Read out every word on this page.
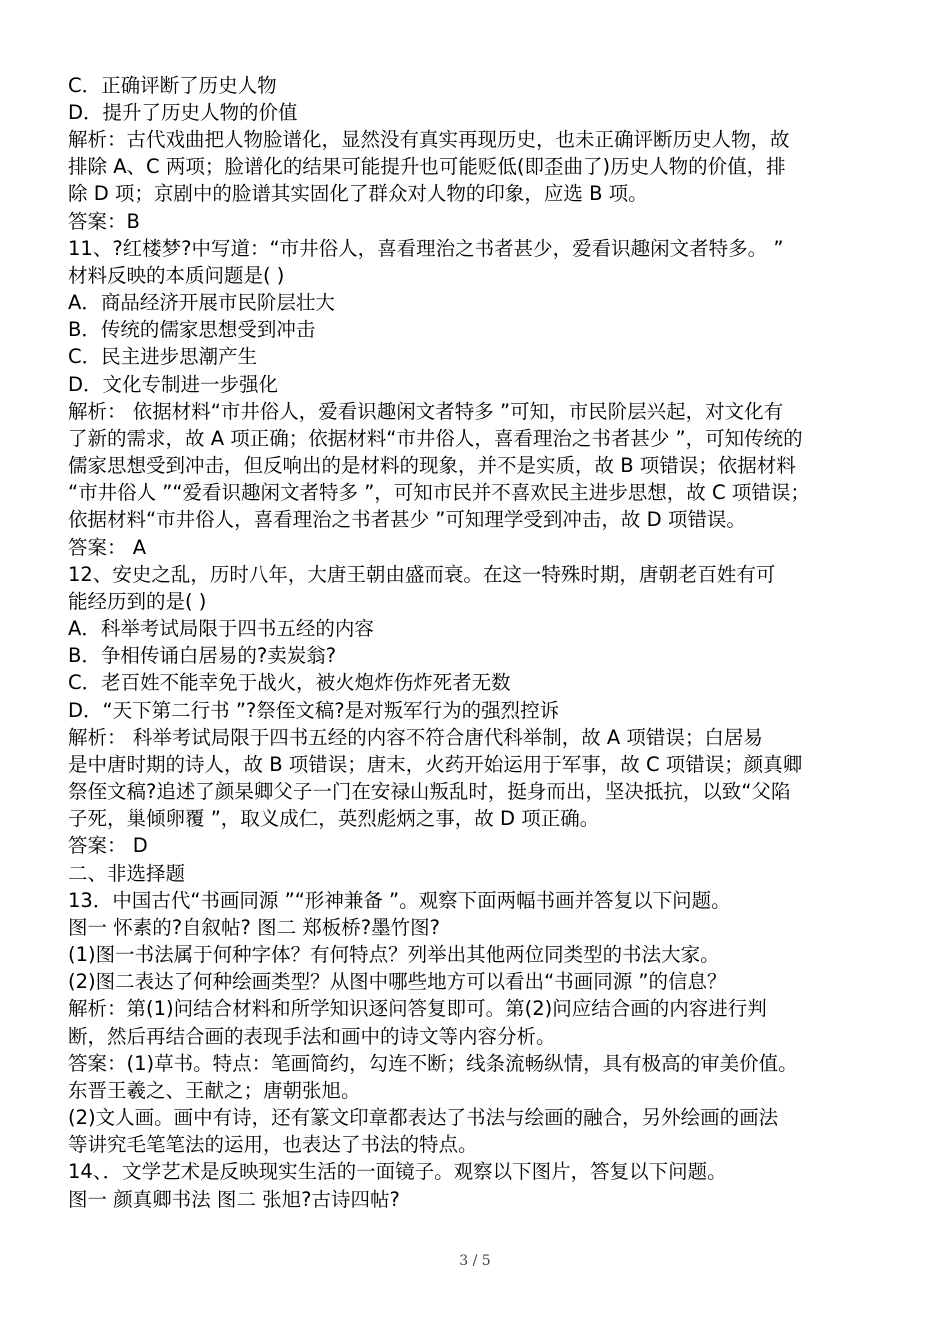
C．正确评断了历史人物
D．提升了历史人物的价值
解析：古代戏曲把人物脸谱化，显然没有真实再现历史，也未正确评断历史人物，故
排除 A、C 两项；脸谱化的结果可能提升也可能贬低(即歪曲了)历史人物的价值，排
除 D 项；京剧中的脸谱其实固化了群众对人物的印象，应选 B 项。
答案：B
11、?红楼梦?中写道：“市井俗人，喜看理治之书者甚少，爱看识趣闲文者特多。 ”
材料反映的本质问题是( )
A．商品经济开展市民阶层壮大
B．传统的儒家思想受到冲击
C．民主进步思潮产生
D．文化专制进一步强化
解析： 依据材料“市井俗人，爱看识趣闲文者特多 ”可知，市民阶层兴起，对文化有
了新的需求，故 A 项正确；依据材料“市井俗人，喜看理治之书者甚少 ”，可知传统的
儒家思想受到冲击，但反响出的是材料的现象，并不是实质，故 B 项错误；依据材料
“市井俗人 ”“爱看识趣闲文者特多 ”，可知市民并不喜欢民主进步思想，故 C 项错误；
依据材料“市井俗人，喜看理治之书者甚少 ”可知理学受到冲击，故 D 项错误。
答案： A
12、安史之乱，历时八年，大唐王朝由盛而衰。在这一特殊时期，唐朝老百姓有可
能经历到的是( )
A．科举考试局限于四书五经的内容
B．争相传诵白居易的?卖炭翁?
C．老百姓不能幸免于战火，被火炮炸伤炸死者无数
D．“天下第二行书 ”?祭侄文稿?是对叛军行为的强烈控诉
解析： 科举考试局限于四书五经的内容不符合唐代科举制，故 A 项错误；白居易
是中唐时期的诗人，故 B 项错误；唐末，火药开始运用于军事，故 C 项错误；颜真卿
祭侄文稿?追述了颜杲卿父子一门在安禄山叛乱时，挺身而出，坚决抵抗，以致“父陷
子死，巢倾卵覆 ”，取义成仁，英烈彪炳之事，故 D 项正确。
答案： D
二、非选择题
13．中国古代“书画同源 ”“形神兼备 ”。观察下面两幅书画并答复以下问题。
图一 怀素的?自叙帖? 图二 郑板桥?墨竹图?
(1)图一书法属于何种字体？有何特点？列举出其他两位同类型的书法大家。
(2)图二表达了何种绘画类型？从图中哪些地方可以看出“书画同源 ”的信息？
解析：第(1)问结合材料和所学知识逐问答复即可。第(2)问应结合画的内容进行判
断，然后再结合画的表现手法和画中的诗文等内容分析。
答案：(1)草书。特点：笔画简约，勾连不断；线条流畅纵情，具有极高的审美价值。
东晋王羲之、王献之；唐朝张旭。
(2)文人画。画中有诗，还有篆文印章都表达了书法与绘画的融合，另外绘画的画法
等讲究毛笔笔法的运用，也表达了书法的特点。
14、．文学艺术是反映现实生活的一面镜子。观察以下图片，答复以下问题。
图一 颜真卿书法 图二 张旭?古诗四帖?
3 / 5
